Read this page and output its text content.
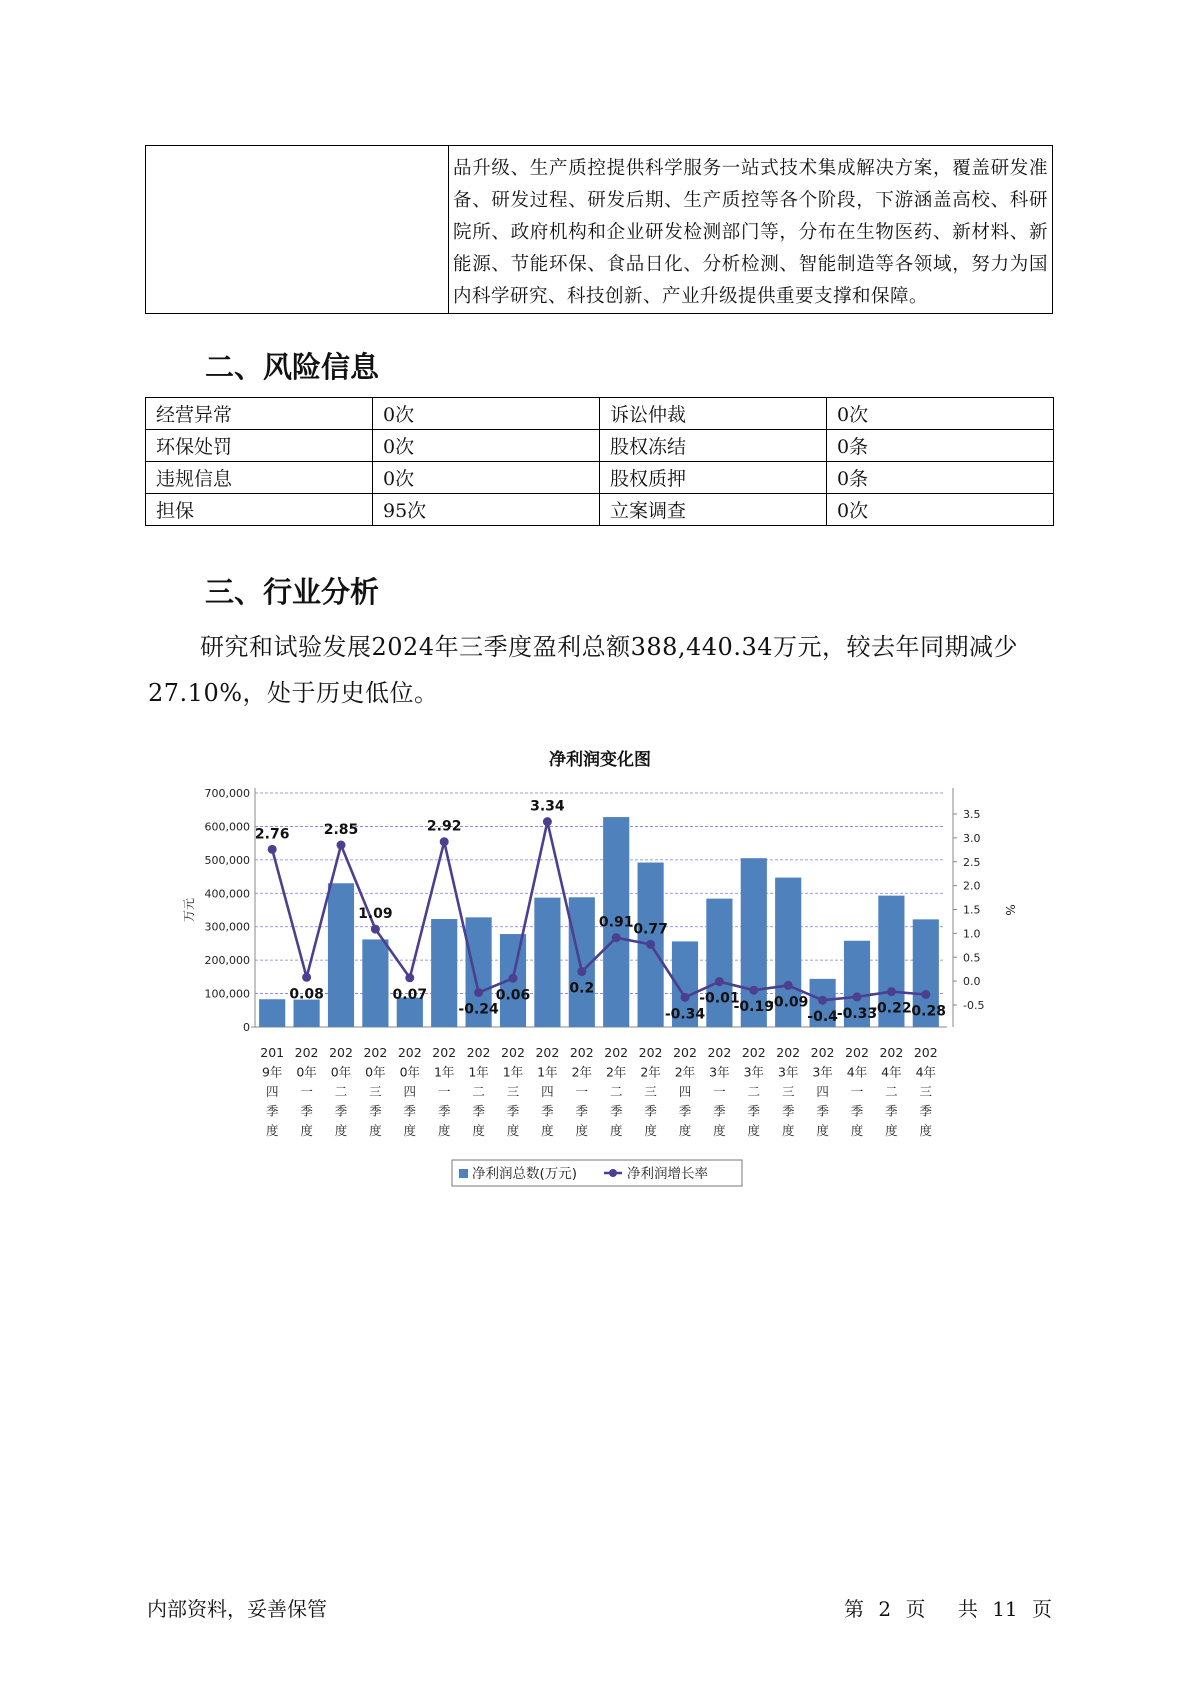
品升级、生产质控提供科学服务一站式技术集成解决方案，覆盖研发准备、研发过程、研发后期、生产质控等各个阶段，下游涵盖高校、科研院所、政府机构和企业研发检测部门等，分布在生物医药、新材料、新能源、节能环保、食品日化、分析检测、智能制造等各领域，努力为国内科学研究、科技创新、产业升级提供重要支撑和保障。
二、风险信息
经营异常	0次	诉讼仲裁	0次
环保处罚	0次	股权冻结	0条
违规信息	0次	股权质押	0条
担保	95次	立案调查	0次
三、行业分析

研究和试验发展2024年三季度盈利总额388,440.34万元，较去年同期减少27.10%，处于历史低位。

净利润变化图
700,000
600,000
500,000
400,000
300,000
200,000
100,000
0
万元
3.5
3.0
2.5
2.0
1.5
1.0
0.5
0.0
-0.5
%
2.76
0.08
2.85
1.09
0.07
2.92
-0.24
0.06
3.34
0.2
0.91 0.77
-0.34
-0.01
-0.19
-0.09
-0.4
-0.33
-0.22
-0.28
201
9年
四
季
度
202
0年
一
季
度
202
0年
二
季
度
202
0年
三
季
度
202
0年
四
季
度
202
1年
一
季
度
202
1年
二
季
度
202
1年
三
季
度
202
1年
四
季
度
202
2年
一
季
度
202
2年
二
季
度
202
2年
三
季
度
202
2年
四
季
度
202
3年
一
季
度
202
3年
二
季
度
202
3年
三
季
度
202
3年
四
季
度
202
4年
一
季
度
202
4年
二
季
度
202
4年
三
季
度
净利润总数(万元)	净利润增长率
内部资料，妥善保管	第 2 页 共 11 页
